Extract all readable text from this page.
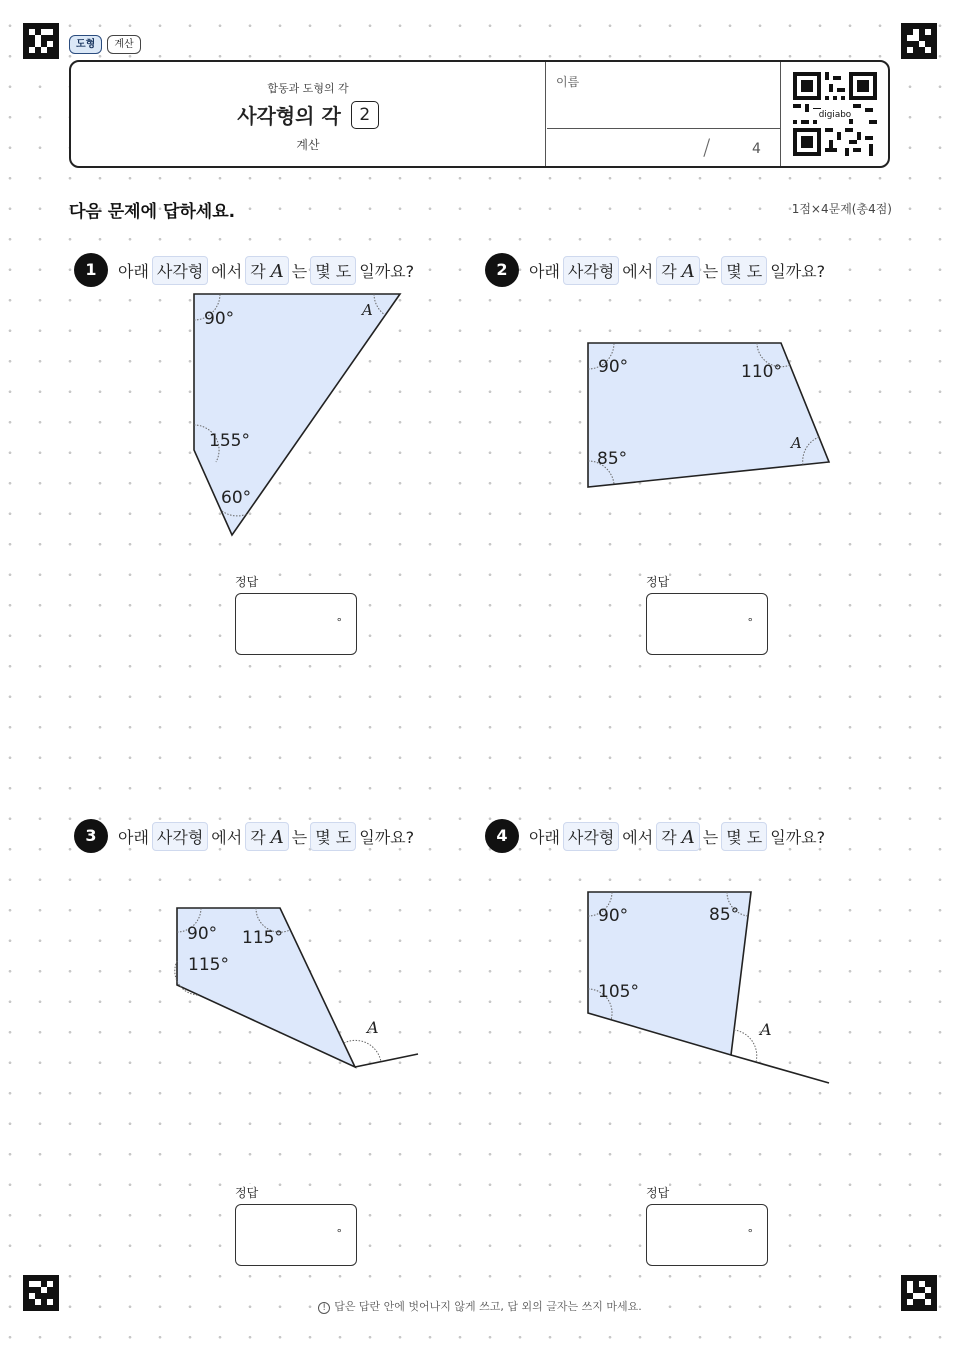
도형	계산
합동과 도형의 각
사각형의 각	2
계산
이름
/	4
digiabo
다음 문제에 답하세요.	1점×4문제(총4점)
1	아래 사각형 에서 각 A 는 몇 도 일까요?
90°
155°
60°
A
정답
°
2	아래 사각형 에서 각 A 는 몇 도 일까요?
90°	110°
85°
A
정답
°
3	아래 사각형 에서 각 A 는 몇 도 일까요?
90° 115°
115°
A
정답
°
4	아래 사각형 에서 각 A 는 몇 도 일까요?
90°	85°
105°
A
정답
°
! 답은 답란 안에 벗어나지 않게 쓰고, 답 외의 글자는 쓰지 마세요.
